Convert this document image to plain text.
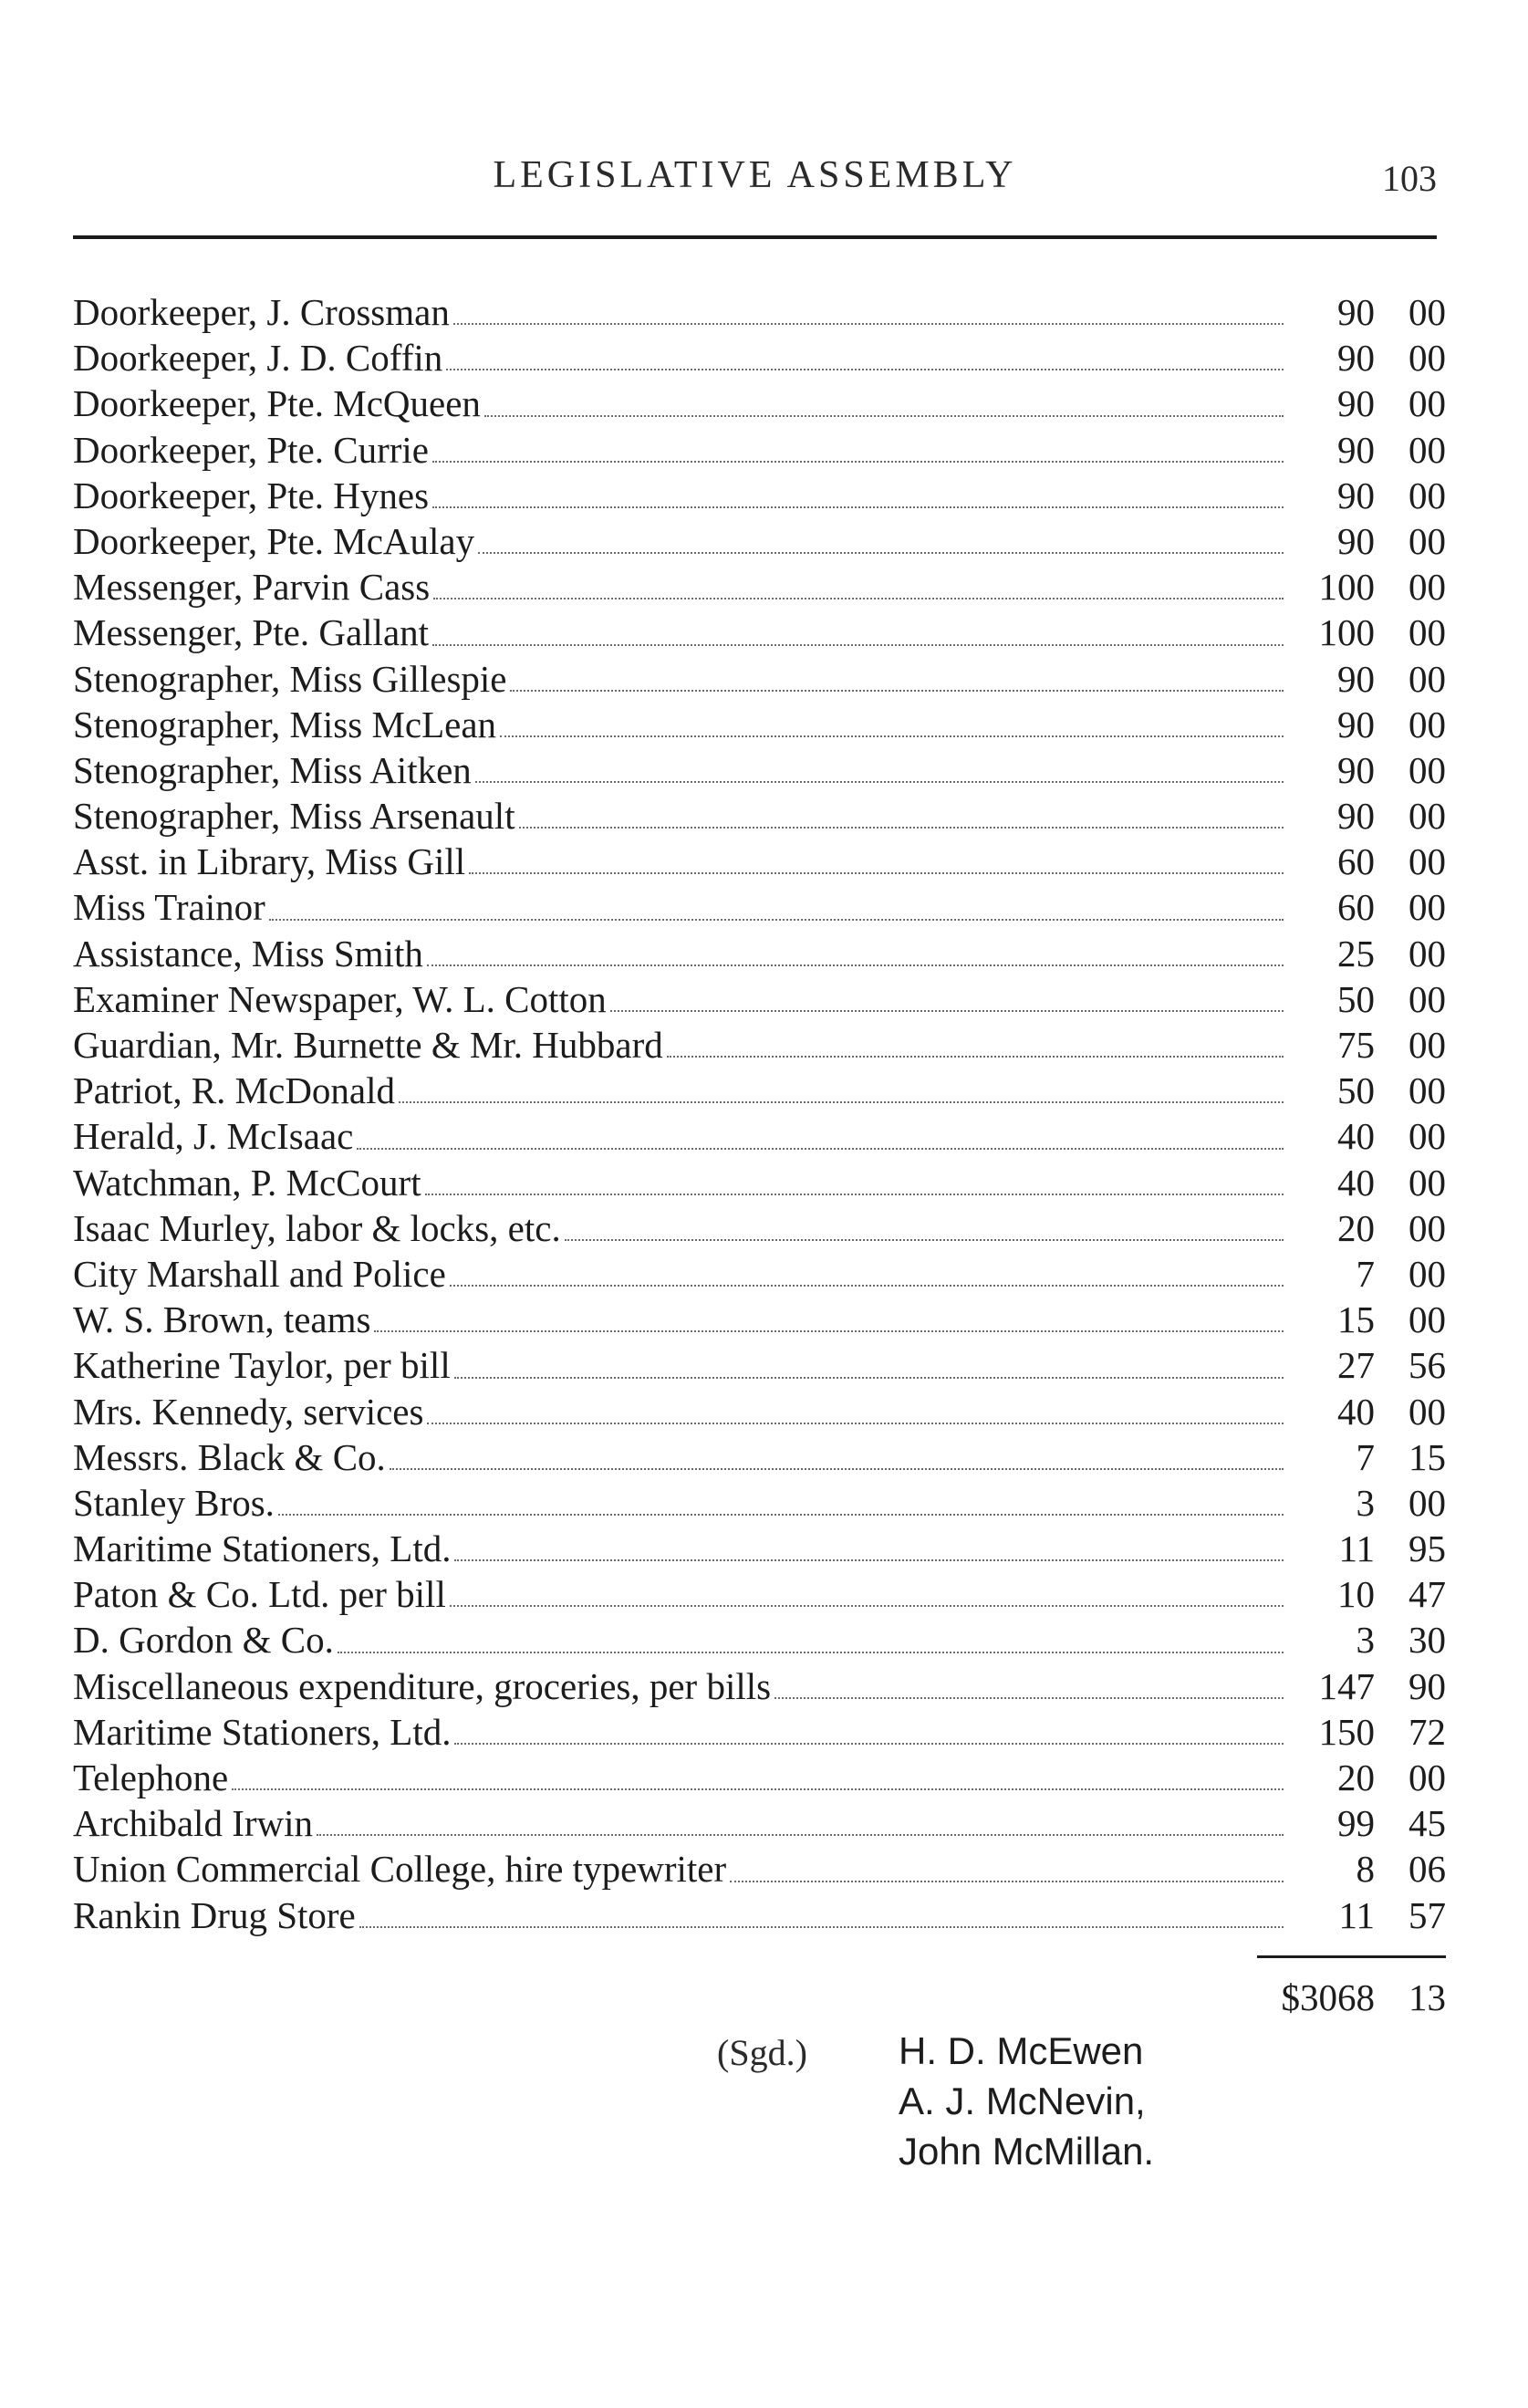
LEGISLATIVE ASSEMBLY	103
Doorkeeper, J. Crossman	90 00
Doorkeeper, J. D. Coffin	90 00
Doorkeeper, Pte. McQueen	90 00
Doorkeeper, Pte. Currie	90 00
Doorkeeper, Pte. Hynes	90 00
Doorkeeper, Pte. McAulay	90 00
Messenger, Parvin Cass	100 00
Messenger, Pte. Gallant	100 00
Stenographer, Miss Gillespie	90 00
Stenographer, Miss McLean	90 00
Stenographer, Miss Aitken	90 00
Stenographer, Miss Arsenault	90 00
Asst. in Library, Miss Gill	60 00
Miss Trainor	60 00
Assistance, Miss Smith	25 00
Examiner Newspaper, W. L. Cotton	50 00
Guardian, Mr. Burnette & Mr. Hubbard	75 00
Patriot, R. McDonald	50 00
Herald, J. McIsaac	40 00
Watchman, P. McCourt	40 00
Isaac Murley, labor & locks, etc.	20 00
City Marshall and Police	7 00
W. S. Brown, teams	15 00
Katherine Taylor, per bill	27 56
Mrs. Kennedy, services	40 00
Messrs. Black & Co.	7 15
Stanley Bros.	3 00
Maritime Stationers, Ltd.	11 95
Paton & Co. Ltd. per bill	10 47
D. Gordon & Co.	3 30
Miscellaneous expenditure, groceries, per bills	147 90
Maritime Stationers, Ltd.	150 72
Telephone	20 00
Archibald Irwin	99 45
Union Commercial College, hire typewriter	8 06
Rankin Drug Store	11 57
$3068 13
(Sgd.) H. D. McEwen
A. J. McNevin,
John McMillan.
